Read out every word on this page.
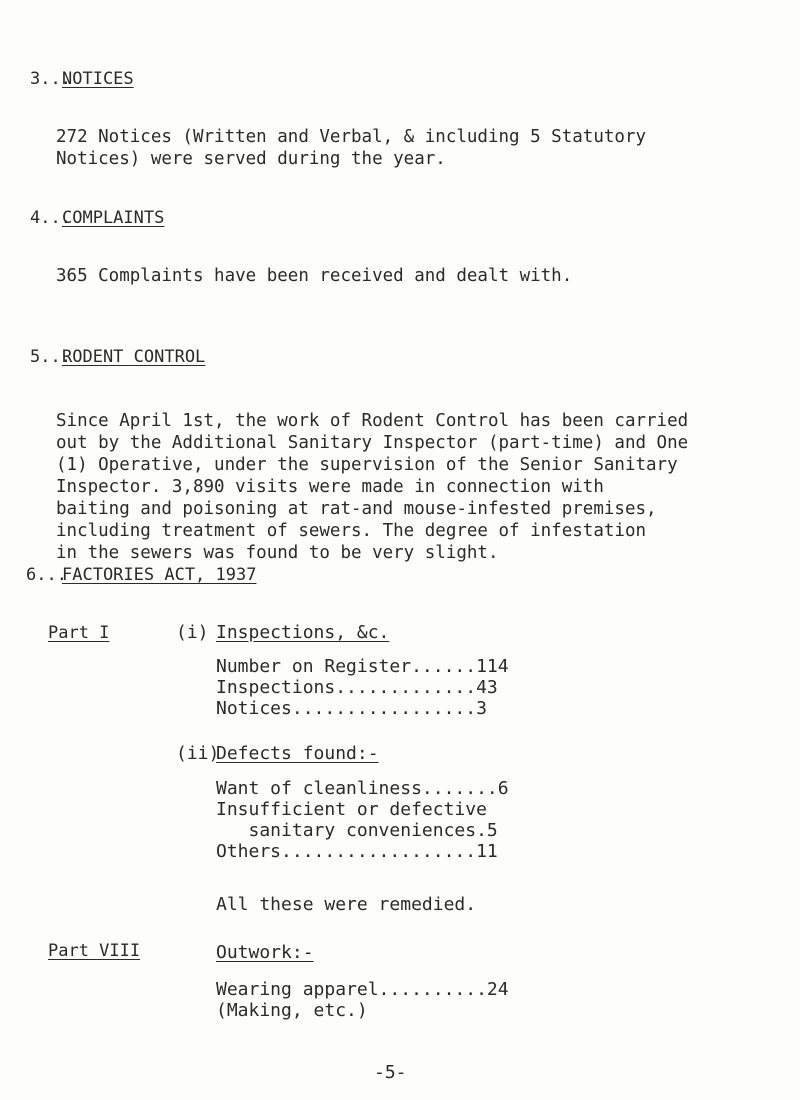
3...
NOTICES
272 Notices (Written and Verbal, & including 5 Statutory
Notices) were served during the year.
4...
COMPLAINTS
365 Complaints have been received and dealt with.
5...
RODENT CONTROL
Since April 1st, the work of Rodent Control has been carried
out by the Additional Sanitary Inspector (part-time) and One
(1) Operative, under the supervision of the Senior Sanitary
Inspector. 3,890 visits were made in connection with
baiting and poisoning at rat-and mouse-infested premises,
including treatment of sewers. The degree of infestation
in the sewers was found to be very slight.
6...
FACTORIES ACT, 1937
Part I	(i) Inspections, &c.
Number on Register......114
Inspections.............43
Notices.................3
(ii)
Defects found:-
Want of cleanliness.......6
Insufficient or defective
sanitary conveniences.5
Others..................11
All these were remedied.
Part VIII	Outwork:-
Wearing apparel..........24
(Making, etc.)
-5-
